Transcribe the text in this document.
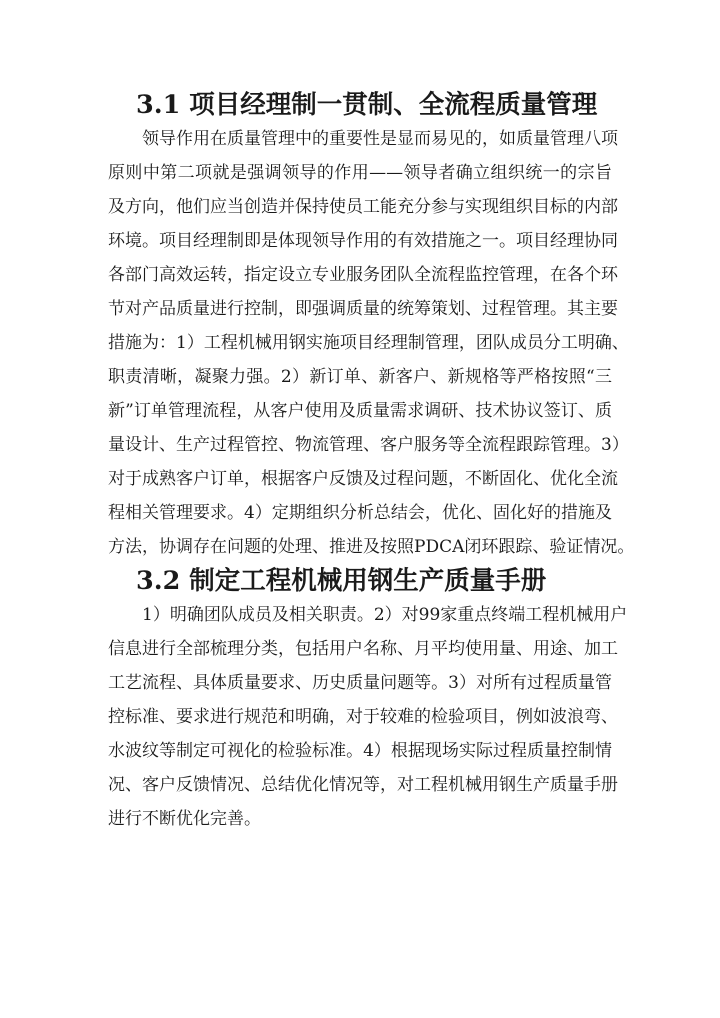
3.1 项目经理制一贯制、全流程质量管理
领导作用在质量管理中的重要性是显而易见的，如质量管理八项
原则中第二项就是强调领导的作用——领导者确立组织统一的宗旨
及方向，他们应当创造并保持使员工能充分参与实现组织目标的内部
环境。项目经理制即是体现领导作用的有效措施之一。项目经理协同
各部门高效运转，指定设立专业服务团队全流程监控管理，在各个环
节对产品质量进行控制，即强调质量的统筹策划、过程管理。其主要
措施为：1）工程机械用钢实施项目经理制管理，团队成员分工明确、
职责清晰，凝聚力强。2）新订单、新客户、新规格等严格按照“三
新”订单管理流程，从客户使用及质量需求调研、技术协议签订、质
量设计、生产过程管控、物流管理、客户服务等全流程跟踪管理。3）
对于成熟客户订单，根据客户反馈及过程问题，不断固化、优化全流
程相关管理要求。4）定期组织分析总结会，优化、固化好的措施及
方法，协调存在问题的处理、推进及按照PDCA闭环跟踪、验证情况。
3.2 制定工程机械用钢生产质量手册
1）明确团队成员及相关职责。2）对99家重点终端工程机械用户
信息进行全部梳理分类，包括用户名称、月平均使用量、用途、加工
工艺流程、具体质量要求、历史质量问题等。3）对所有过程质量管
控标准、要求进行规范和明确，对于较难的检验项目，例如波浪弯、
水波纹等制定可视化的检验标准。4）根据现场实际过程质量控制情
况、客户反馈情况、总结优化情况等，对工程机械用钢生产质量手册
进行不断优化完善。
